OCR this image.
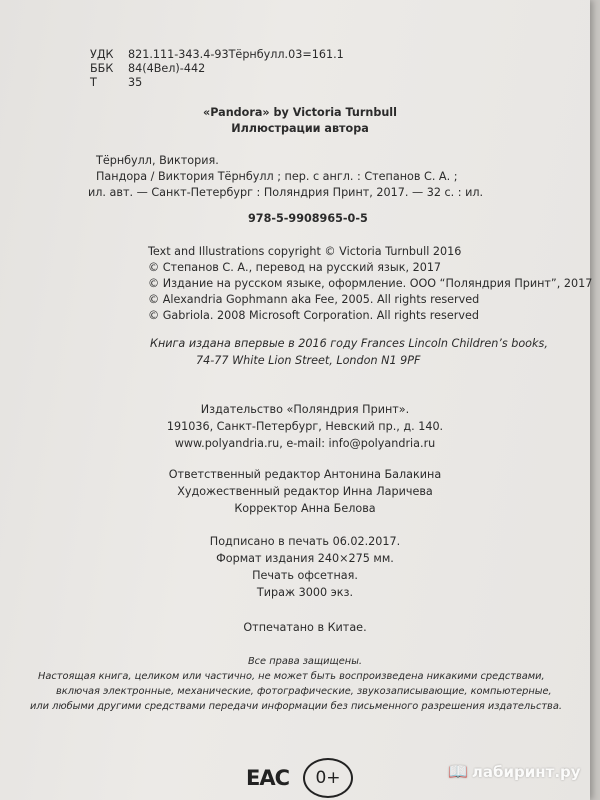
УДК	821.111-343.4-93Тёрнбулл.03=161.1
ББК	84(4Вел)-442
Т	35
«Pandora» by Victoria Turnbull
Иллюстрации автора
Тёрнбулл, Виктория.
Пандора / Виктория Тёрнбулл ; пер. с англ. : Степанов С. А. ;
ил. авт. — Санкт-Петербург : Поляндрия Принт, 2017. — 32 с. : ил.
978-5-9908965-0-5
Text and Illustrations copyright © Victoria Turnbull 2016
© Степанов С. А., перевод на русский язык, 2017
© Издание на русском языке, оформление. ООО “Поляндрия Принт”, 2017
© Alexandria Gophmann aka Fee, 2005. All rights reserved
© Gabriola. 2008 Microsoft Corporation. All rights reserved
Книга издана впервые в 2016 году Frances Lincoln Children’s books,
74-77 White Lion Street, London N1 9PF
Издательство «Поляндрия Принт».
191036, Санкт-Петербург, Невский пр., д. 140.
www.polyandria.ru, e-mail: info@polyandria.ru
Ответственный редактор Антонина Балакина
Художественный редактор Инна Ларичева
Корректор Анна Белова
Подписано в печать 06.02.2017.
Формат издания 240×275 мм.
Печать офсетная.
Тираж 3000 экз.
Отпечатано в Китае.
Все права защищены.
Настоящая книга, целиком или частично, не может быть воспроизведена никакими средствами,
включая электронные, механические, фотографические, звукозаписывающие, компьютерные,
или любыми другими средствами передачи информации без письменного разрешения издательства.
EAC 0+	📖 лабиринт.ру
